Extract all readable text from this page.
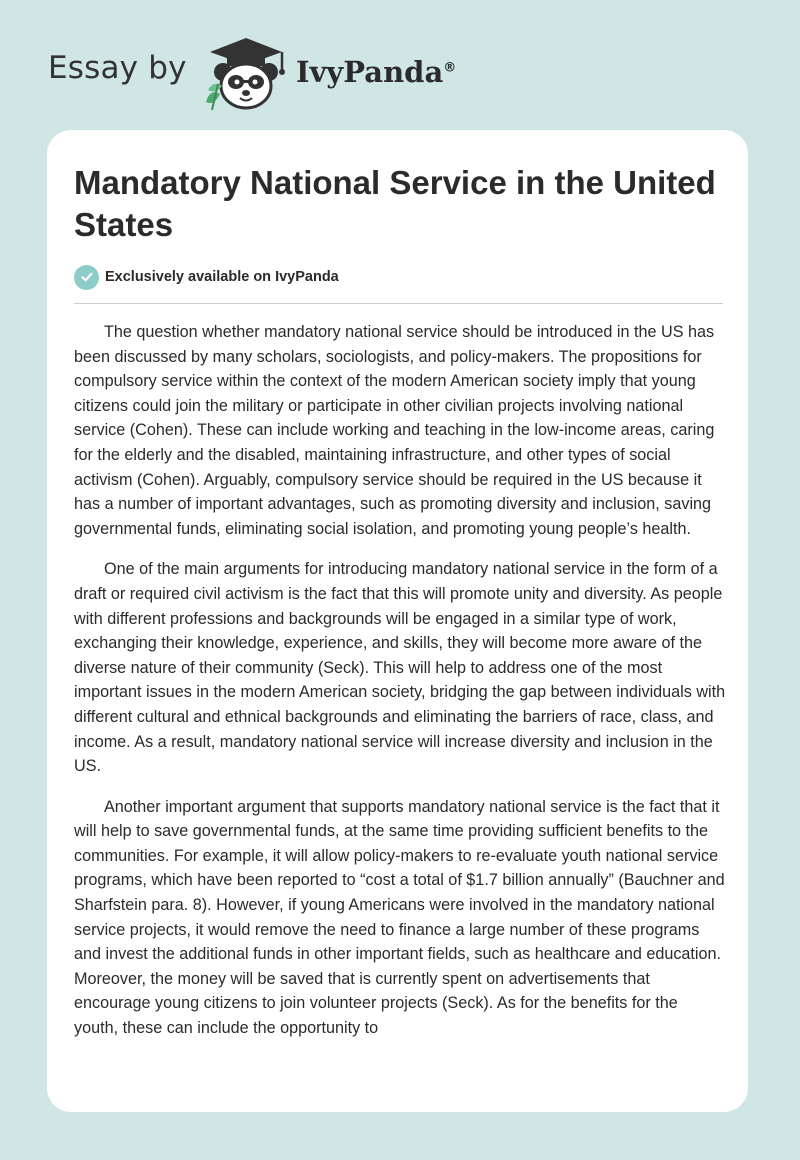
Essay by	IvyPanda®
Mandatory National Service in the United States
Exclusively available on IvyPanda

The question whether mandatory national service should be introduced in the US has been discussed by many scholars, sociologists, and policy-makers. The propositions for compulsory service within the context of the modern American society imply that young citizens could join the military or participate in other civilian projects involving national service (Cohen). These can include working and teaching in the low-income areas, caring for the elderly and the disabled, maintaining infrastructure, and other types of social activism (Cohen). Arguably, compulsory service should be required in the US because it has a number of important advantages, such as promoting diversity and inclusion, saving governmental funds, eliminating social isolation, and promoting young people’s health.

One of the main arguments for introducing mandatory national service in the form of a draft or required civil activism is the fact that this will promote unity and diversity. As people with different professions and backgrounds will be engaged in a similar type of work, exchanging their knowledge, experience, and skills, they will become more aware of the diverse nature of their community (Seck). This will help to address one of the most important issues in the modern American society, bridging the gap between individuals with different cultural and ethnical backgrounds and eliminating the barriers of race, class, and income. As a result, mandatory national service will increase diversity and inclusion in the US.

Another important argument that supports mandatory national service is the fact that it will help to save governmental funds, at the same time providing sufficient benefits to the communities. For example, it will allow policy-makers to re-evaluate youth national service programs, which have been reported to “cost a total of $1.7 billion annually” (Bauchner and Sharfstein para. 8). However, if young Americans were involved in the mandatory national service projects, it would remove the need to finance a large number of these programs and invest the additional funds in other important fields, such as healthcare and education. Moreover, the money will be saved that is currently spent on advertisements that encourage young citizens to join volunteer projects (Seck). As for the benefits for the youth, these can include the opportunity to
